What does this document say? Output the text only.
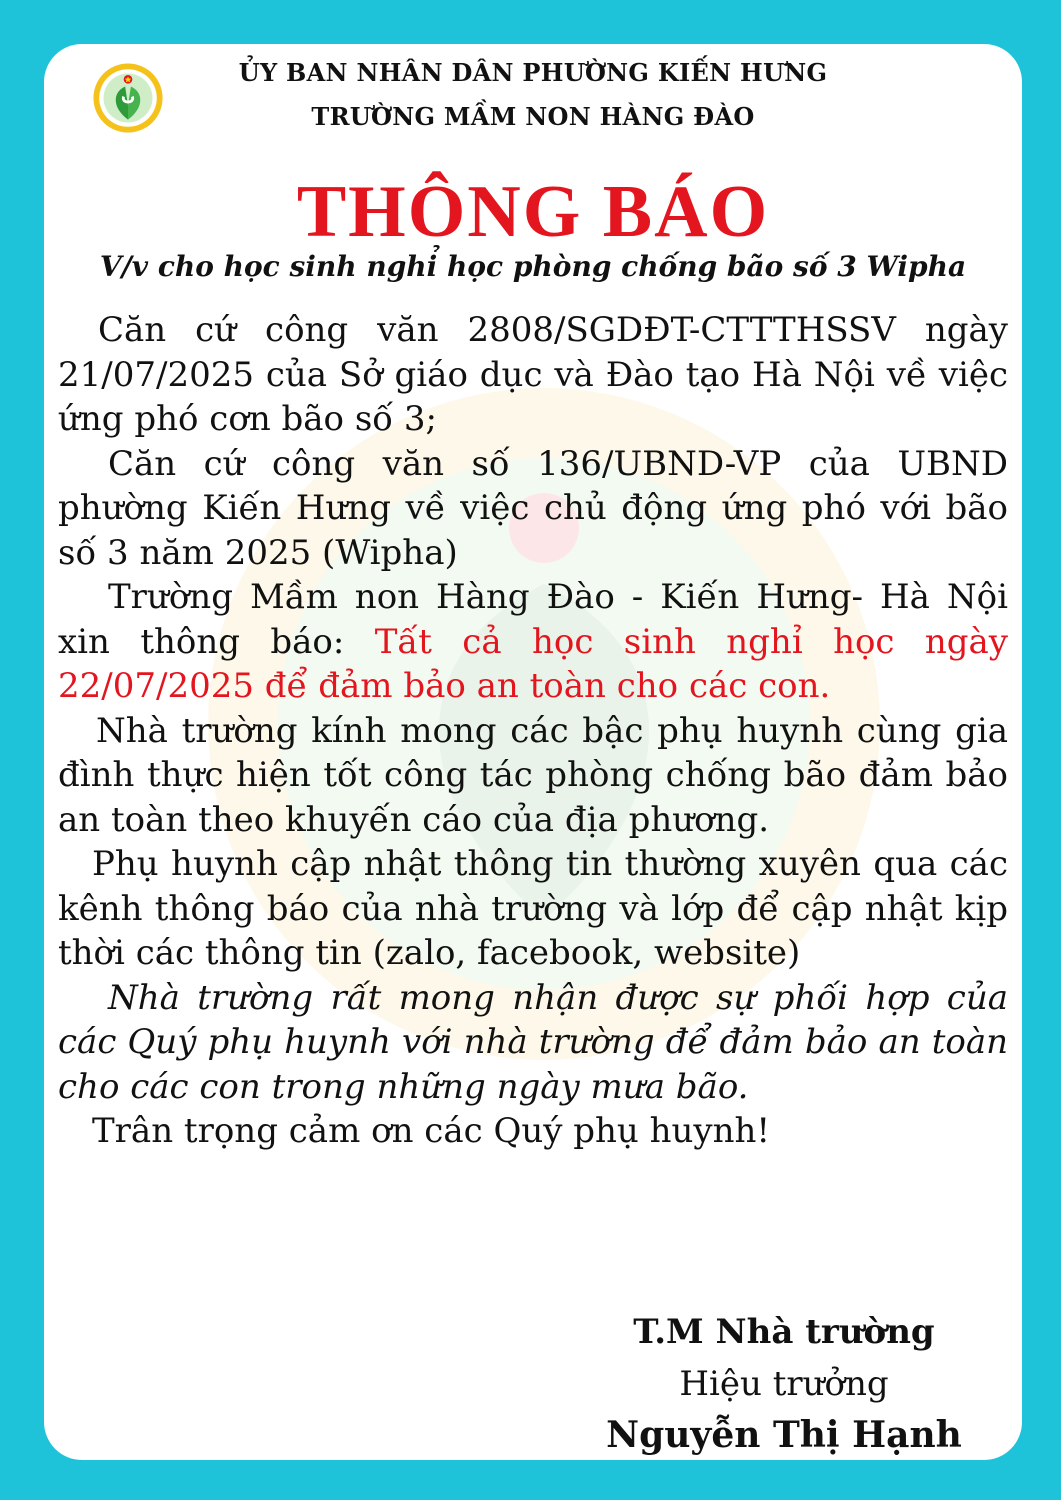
ỦY BAN NHÂN DÂN PHƯỜNG KIẾN HƯNG
TRƯỜNG MẦM NON HÀNG ĐÀO
THÔNG BÁO
V/v cho học sinh nghỉ học phòng chống bão số 3 Wipha

Căn cứ công văn 2808/SGDĐT-CTTTHSSV ngày 21/07/2025 của Sở giáo dục và Đào tạo Hà Nội về việc ứng phó cơn bão số 3;

Căn cứ công văn số 136/UBND-VP của UBND phường Kiến Hưng về việc chủ động ứng phó với bão số 3 năm 2025 (Wipha)

Trường Mầm non Hàng Đào - Kiến Hưng- Hà Nội xin thông báo: Tất cả học sinh nghỉ học ngày 22/07/2025 để đảm bảo an toàn cho các con.

Nhà trường kính mong các bậc phụ huynh cùng gia đình thực hiện tốt công tác phòng chống bão đảm bảo an toàn theo khuyến cáo của địa phương.

Phụ huynh cập nhật thông tin thường xuyên qua các kênh thông báo của nhà trường và lớp để cập nhật kịp thời các thông tin (zalo, facebook, website)

Nhà trường rất mong nhận được sự phối hợp của các Quý phụ huynh với nhà trường để đảm bảo an toàn cho các con trong những ngày mưa bão.

Trân trọng cảm ơn các Quý phụ huynh!

T.M Nhà trường
Hiệu trưởng
Nguyễn Thị Hạnh
